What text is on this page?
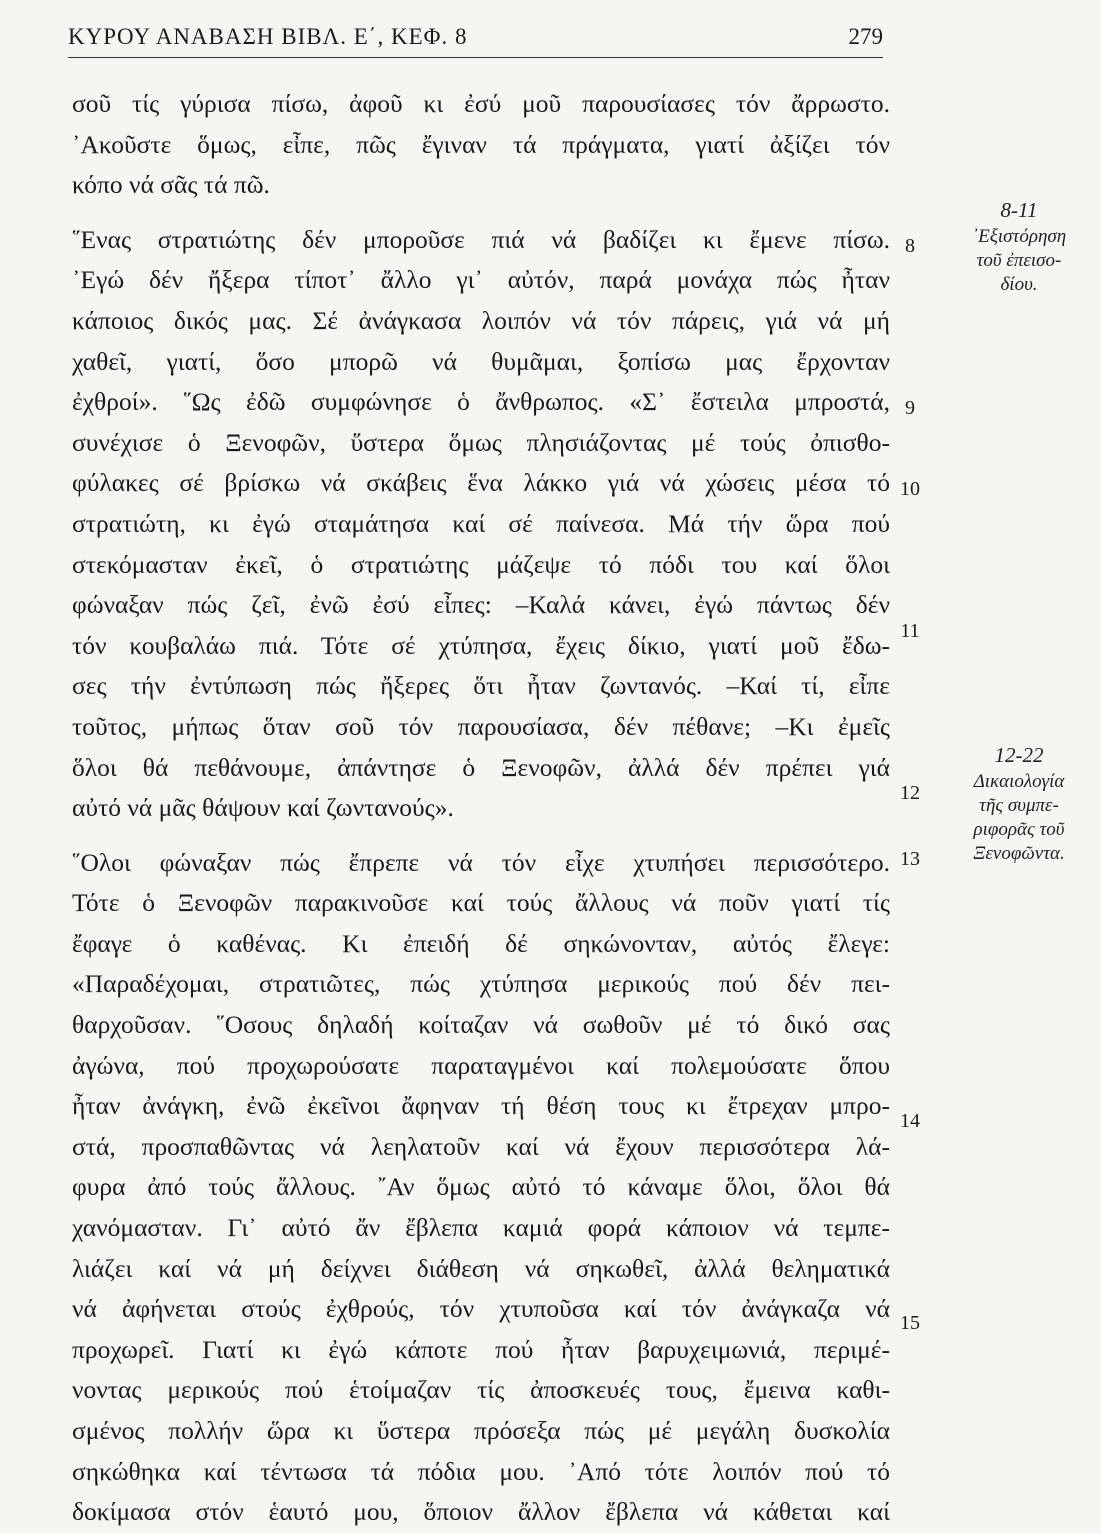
ΚΥΡΟΥ ΑΝΑΒΑΣΗ ΒΙΒΛ. Ε΄, ΚΕΦ. 8	279
σοῦ τίς γύρισα πίσω, ἀφοῦ κι ἐσύ μοῦ παρουσίασες τόν ἄρρωστο.
᾿Ακοῦστε ὅμως, εἶπε, πῶς ἔγιναν τά πράγματα, γιατί ἀξίζει τόν
κόπο νά σᾶς τά πῶ.
῞Ενας στρατιώτης δέν μποροῦσε πιά νά βαδίζει κι ἔμενε πίσω.
᾿Εγώ δέν ἤξερα τίποτ᾿ ἄλλο γι᾿ αὐτόν, παρά μονάχα πώς ἦταν
κάποιος δικός μας. Σέ ἀνάγκασα λοιπόν νά τόν πάρεις, γιά νά μή
χαθεῖ, γιατί, ὅσο μπορῶ νά θυμᾶμαι, ξοπίσω μας ἔρχονταν
ἐχθροί». ῞Ως ἐδῶ συμφώνησε ὁ ἄνθρωπος. «Σ᾿ ἔστειλα μπροστά,
συνέχισε ὁ Ξενοφῶν, ὕστερα ὅμως πλησιάζοντας μέ τούς ὀπισθο-
φύλακες σέ βρίσκω νά σκάβεις ἕνα λάκκο γιά νά χώσεις μέσα τό
στρατιώτη, κι ἐγώ σταμάτησα καί σέ παίνεσα. Μά τήν ὥρα πού
στεκόμασταν ἐκεῖ, ὁ στρατιώτης μάζεψε τό πόδι του καί ὅλοι
φώναξαν πώς ζεῖ, ἐνῶ ἐσύ εἶπες: –Καλά κάνει, ἐγώ πάντως δέν
τόν κουβαλάω πιά. Τότε σέ χτύπησα, ἔχεις δίκιο, γιατί μοῦ ἔδω-
σες τήν ἐντύπωση πώς ἤξερες ὅτι ἦταν ζωντανός. –Καί τί, εἶπε
τοῦτος, μήπως ὅταν σοῦ τόν παρουσίασα, δέν πέθανε; –Κι ἐμεῖς
ὅλοι θά πεθάνουμε, ἀπάντησε ὁ Ξενοφῶν, ἀλλά δέν πρέπει γιά
αὐτό νά μᾶς θάψουν καί ζωντανούς».
῞Ολοι φώναξαν πώς ἔπρεπε νά τόν εἶχε χτυπήσει περισσότερο.
Τότε ὁ Ξενοφῶν παρακινοῦσε καί τούς ἄλλους νά ποῦν γιατί τίς
ἔφαγε ὁ καθένας. Κι ἐπειδή δέ σηκώνονταν, αὐτός ἔλεγε:
«Παραδέχομαι, στρατιῶτες, πώς χτύπησα μερικούς πού δέν πει-
θαρχοῦσαν. ῞Οσους δηλαδή κοίταζαν νά σωθοῦν μέ τό δικό σας
ἀγώνα, πού προχωρούσατε παραταγμένοι καί πολεμούσατε ὅπου
ἦταν ἀνάγκη, ἐνῶ ἐκεῖνοι ἄφηναν τή θέση τους κι ἔτρεχαν μπρο-
στά, προσπαθῶντας νά λεηλατοῦν καί νά ἔχουν περισσότερα λά-
φυρα ἀπό τούς ἄλλους. ῎Αν ὅμως αὐτό τό κάναμε ὅλοι, ὅλοι θά
χανόμασταν. Γι᾿ αὐτό ἄν ἔβλεπα καμιά φορά κάποιον νά τεμπε-
λιάζει καί νά μή δείχνει διάθεση νά σηκωθεῖ, ἀλλά θεληματικά
νά ἀφήνεται στούς ἐχθρούς, τόν χτυποῦσα καί τόν ἀνάγκαζα νά
προχωρεῖ. Γιατί κι ἐγώ κάποτε πού ἦταν βαρυχειμωνιά, περιμέ-
νοντας μερικούς πού ἑτοίμαζαν τίς ἀποσκευές τους, ἔμεινα καθι-
σμένος πολλήν ὥρα κι ὕστερα πρόσεξα πώς μέ μεγάλη δυσκολία
σηκώθηκα καί τέντωσα τά πόδια μου. ᾿Από τότε λοιπόν πού τό
δοκίμασα στόν ἑαυτό μου, ὅποιον ἄλλον ἔβλεπα νά κάθεται καί
8
9
10
11
12
13
14
15
8-11
᾿Εξιστόρηση
τοῦ ἐπεισο-
δίου.
12-22
Δικαιολογία
τῆς συμπε-
ριφορᾶς τοῦ
Ξενοφῶντα.
